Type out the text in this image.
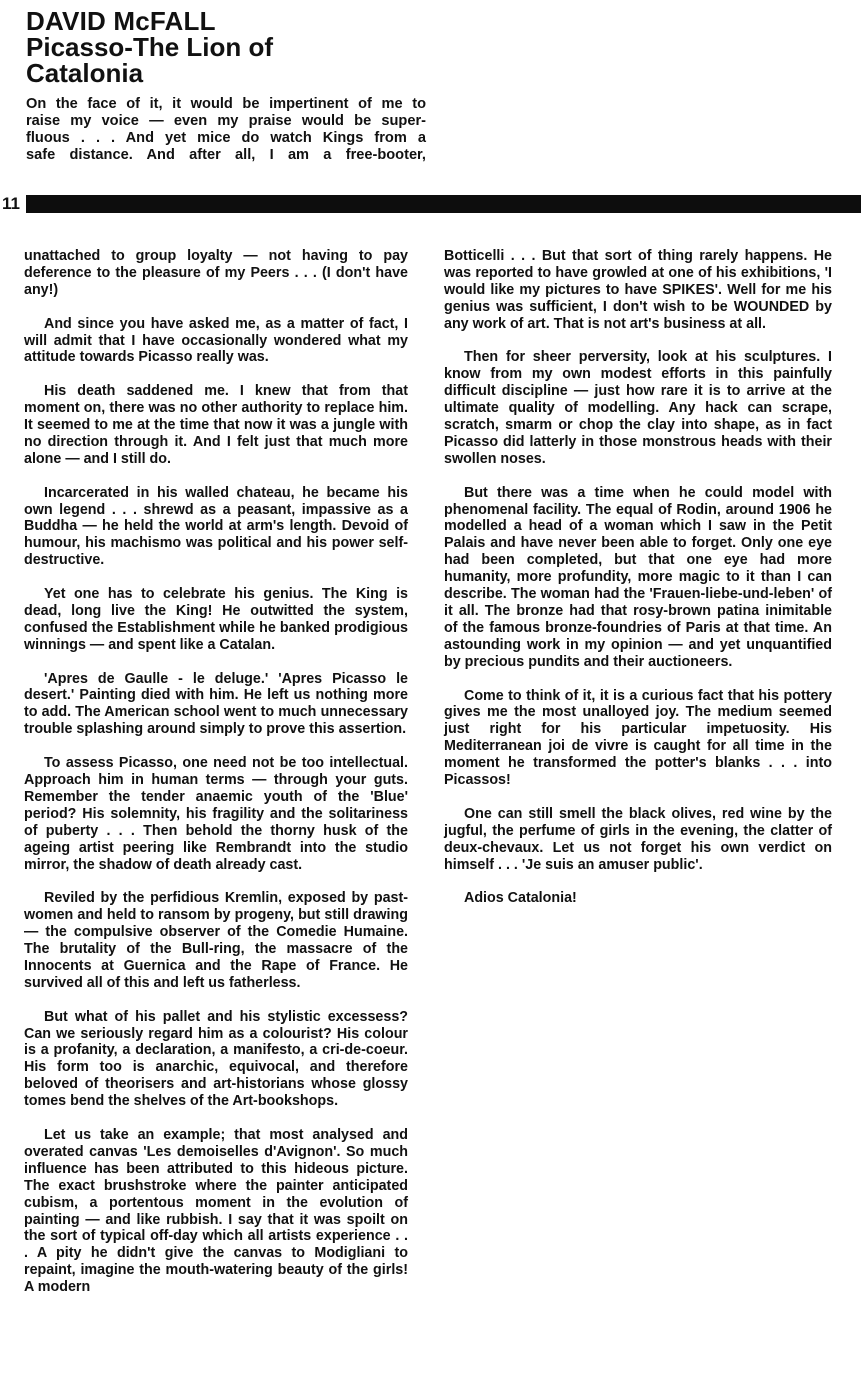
DAVID McFALL
Picasso-The Lion of
Catalonia
On the face of it, it would be impertinent of me to
raise my voice — even my praise would be super-
fluous . . . And yet mice do watch Kings from a
safe distance. And after all, I am a free-booter,
11

unattached to group loyalty — not having to pay deference to the pleasure of my Peers . . . (I don't have any!)

And since you have asked me, as a matter of fact, I will admit that I have occasionally wondered what my attitude towards Picasso really was.

His death saddened me. I knew that from that moment on, there was no other authority to replace him. It seemed to me at the time that now it was a jungle with no direction through it. And I felt just that much more alone — and I still do.

Incarcerated in his walled chateau, he became his own legend . . . shrewd as a peasant, impassive as a Buddha — he held the world at arm's length. Devoid of humour, his machismo was political and his power self-destructive.

Yet one has to celebrate his genius. The King is dead, long live the King! He outwitted the system, confused the Establishment while he banked prodigious winnings — and spent like a Catalan.

'Apres de Gaulle - le deluge.' 'Apres Picasso le desert.' Painting died with him. He left us nothing more to add. The American school went to much unnecessary trouble splashing around simply to prove this assertion.

To assess Picasso, one need not be too intellectual. Approach him in human terms — through your guts. Remember the tender anaemic youth of the 'Blue' period? His solemnity, his fragility and the solitariness of puberty . . . Then behold the thorny husk of the ageing artist peering like Rembrandt into the studio mirror, the shadow of death already cast.

Reviled by the perfidious Kremlin, exposed by past-women and held to ransom by progeny, but still drawing — the compulsive observer of the Comedie Humaine. The brutality of the Bull-ring, the massacre of the Innocents at Guernica and the Rape of France. He survived all of this and left us fatherless.

But what of his pallet and his stylistic excessess? Can we seriously regard him as a colourist? His colour is a profanity, a declaration, a manifesto, a cri-de-coeur. His form too is anarchic, equivocal, and therefore beloved of theorisers and art-historians whose glossy tomes bend the shelves of the Art-bookshops.

Let us take an example; that most analysed and overated canvas 'Les demoiselles d'Avignon'. So much influence has been attributed to this hideous picture. The exact brushstroke where the painter anticipated cubism, a portentous moment in the evolution of painting — and like rubbish. I say that it was spoilt on the sort of typical off-day which all artists experience . . . A pity he didn't give the canvas to Modigliani to repaint, imagine the mouth-watering beauty of the girls! A modern

Botticelli . . . But that sort of thing rarely happens. He was reported to have growled at one of his exhibitions, 'I would like my pictures to have SPIKES'. Well for me his genius was sufficient, I don't wish to be WOUNDED by any work of art. That is not art's business at all.

Then for sheer perversity, look at his sculptures. I know from my own modest efforts in this painfully difficult discipline — just how rare it is to arrive at the ultimate quality of modelling. Any hack can scrape, scratch, smarm or chop the clay into shape, as in fact Picasso did latterly in those monstrous heads with their swollen noses.

But there was a time when he could model with phenomenal facility. The equal of Rodin, around 1906 he modelled a head of a woman which I saw in the Petit Palais and have never been able to forget. Only one eye had been completed, but that one eye had more humanity, more profundity, more magic to it than I can describe. The woman had the 'Frauen-liebe-und-leben' of it all. The bronze had that rosy-brown patina inimitable of the famous bronze-foundries of Paris at that time. An astounding work in my opinion — and yet unquantified by precious pundits and their auctioneers.

Come to think of it, it is a curious fact that his pottery gives me the most unalloyed joy. The medium seemed just right for his particular impetuosity. His Mediterranean joi de vivre is caught for all time in the moment he transformed the potter's blanks . . . into Picassos!

One can still smell the black olives, red wine by the jugful, the perfume of girls in the evening, the clatter of deux-chevaux. Let us not forget his own verdict on himself . . . 'Je suis an amuser public'.

Adios Catalonia!
